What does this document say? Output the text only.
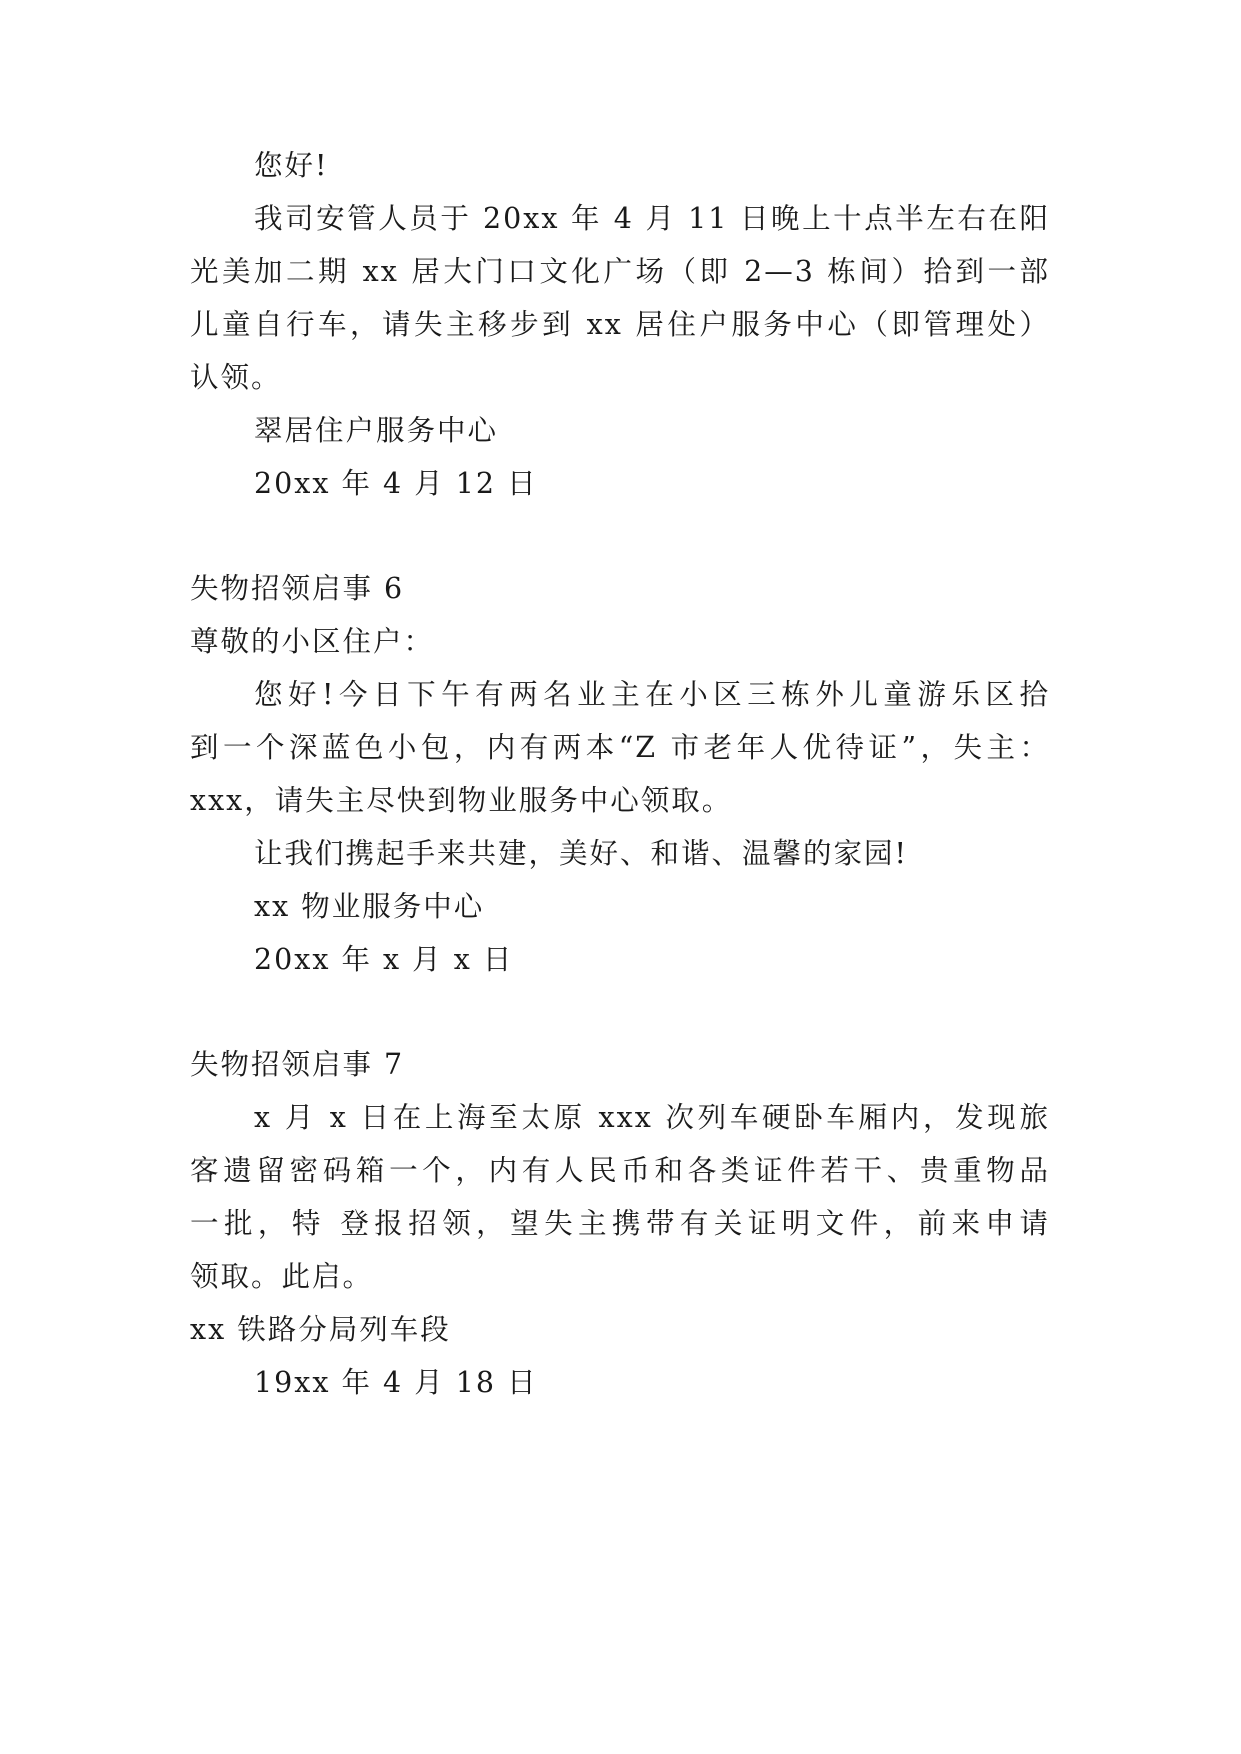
您好!
我司安管人员于 20xx 年 4 月 11 日晚上十点半左右在阳
光美加二期 xx 居大门口文化广场（即 2—3 栋间）拾到一部
儿童自行车，请失主移步到 xx 居住户服务中心（即管理处）
认领。
翠居住户服务中心
20xx 年 4 月 12 日
失物招领启事 6
尊敬的小区住户：
您好!今日下午有两名业主在小区三栋外儿童游乐区拾
到一个深蓝色小包，内有两本“Z 市老年人优待证”，失主：
xxx，请失主尽快到物业服务中心领取。
让我们携起手来共建，美好、和谐、温馨的家园!
xx 物业服务中心
20xx 年 x 月 x 日
失物招领启事 7
x 月 x 日在上海至太原 xxx 次列车硬卧车厢内，发现旅
客遗留密码箱一个，内有人民币和各类证件若干、贵重物品
一批，特 登报招领，望失主携带有关证明文件，前来申请
领取。此启。
xx 铁路分局列车段
19xx 年 4 月 18 日
